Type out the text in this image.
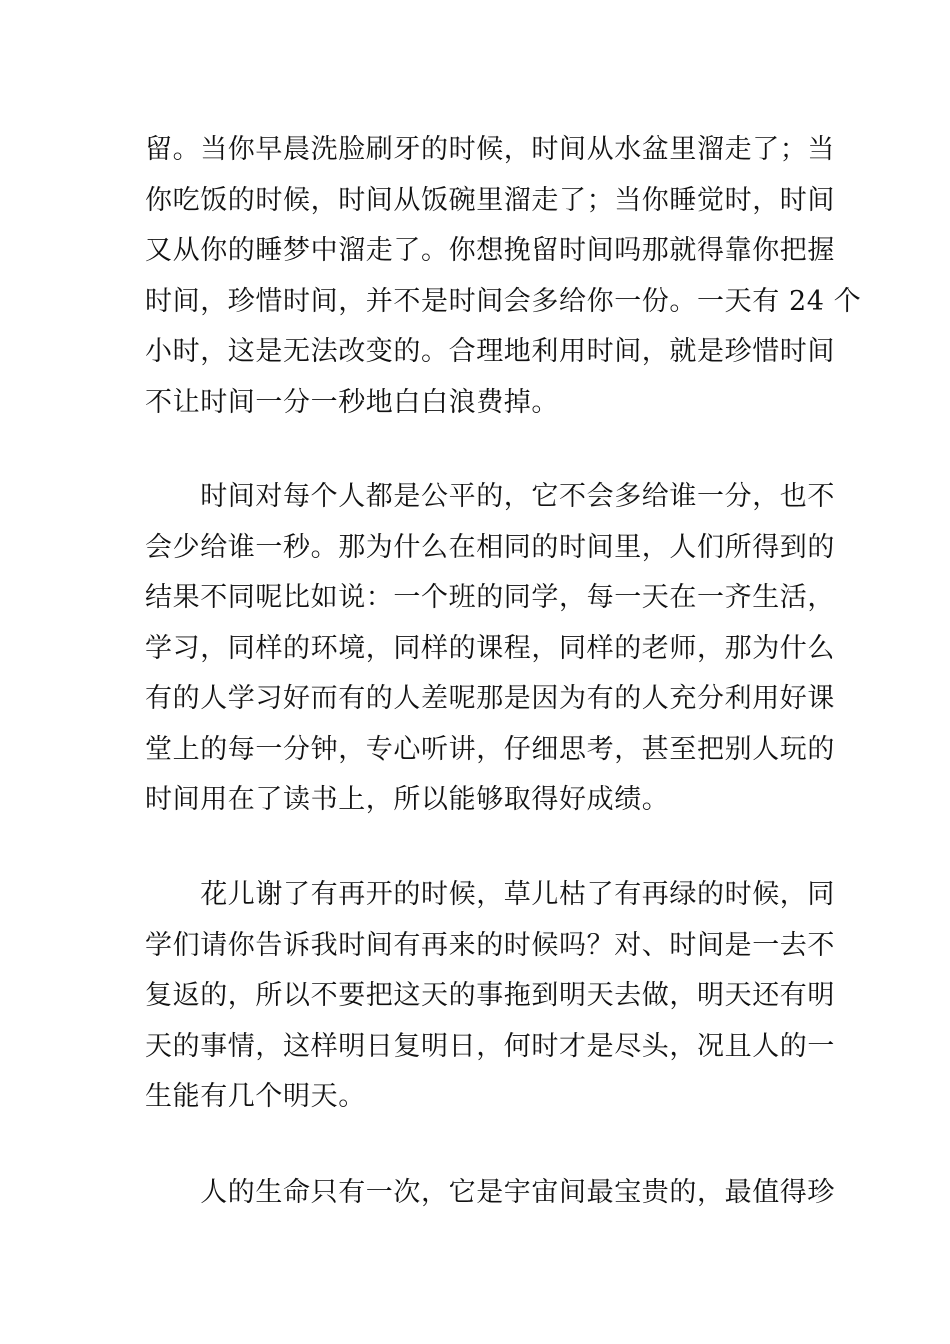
留。当你早晨洗脸刷牙的时候，时间从水盆里溜走了；当
你吃饭的时候，时间从饭碗里溜走了；当你睡觉时，时间
又从你的睡梦中溜走了。你想挽留时间吗那就得靠你把握
时间，珍惜时间，并不是时间会多给你一份。一天有 24 个
小时，这是无法改变的。合理地利用时间，就是珍惜时间
不让时间一分一秒地白白浪费掉。
　　时间对每个人都是公平的，它不会多给谁一分，也不
会少给谁一秒。那为什么在相同的时间里，人们所得到的
结果不同呢比如说：一个班的同学，每一天在一齐生活，
学习，同样的环境，同样的课程，同样的老师，那为什么
有的人学习好而有的人差呢那是因为有的人充分利用好课
堂上的每一分钟，专心听讲，仔细思考，甚至把别人玩的
时间用在了读书上，所以能够取得好成绩。
　　花儿谢了有再开的时候，草儿枯了有再绿的时候，同
学们请你告诉我时间有再来的时候吗？对、时间是一去不
复返的，所以不要把这天的事拖到明天去做，明天还有明
天的事情，这样明日复明日，何时才是尽头，况且人的一
生能有几个明天。
　　人的生命只有一次，它是宇宙间最宝贵的，最值得珍
